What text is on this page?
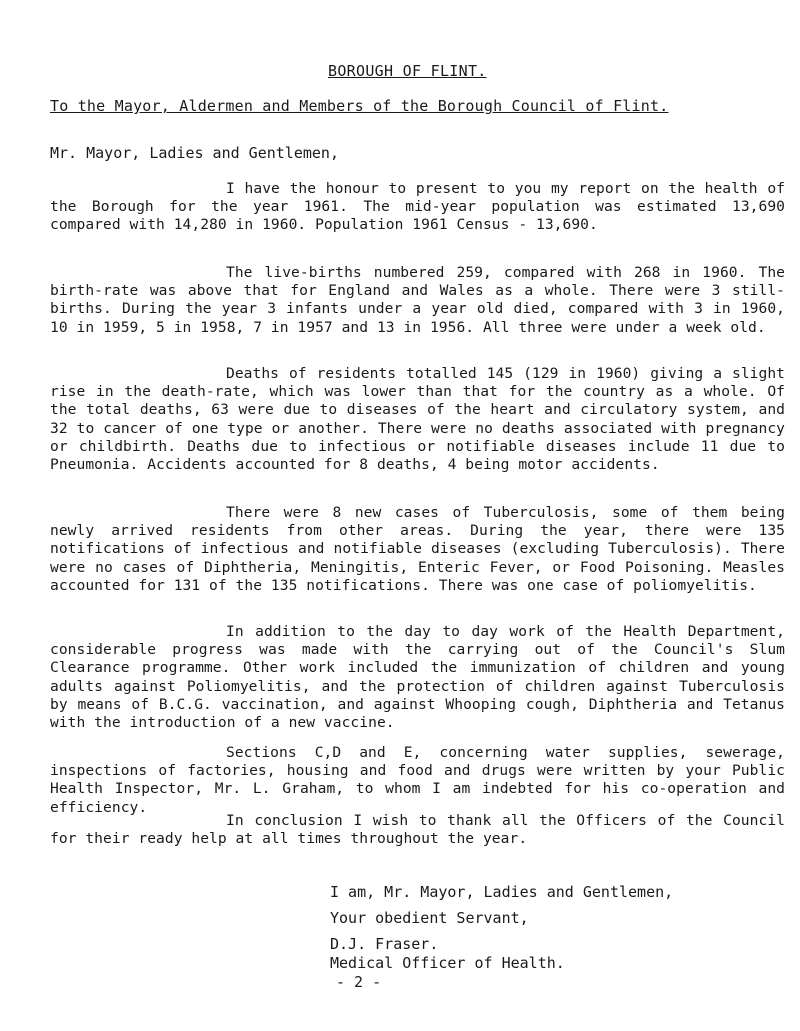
BOROUGH OF FLINT.
To the Mayor, Aldermen and Members of the Borough Council of Flint.
Mr. Mayor, Ladies and Gentlemen,

I have the honour to present to you my report on the health of the Borough for the year 1961. The mid-year population was estimated 13,690 compared with 14,280 in 1960. Population 1961 Census - 13,690.

The live-births numbered 259, compared with 268 in 1960. The birth-rate was above that for England and Wales as a whole. There were 3 still-births. During the year 3 infants under a year old died, compared with 3 in 1960, 10 in 1959, 5 in 1958, 7 in 1957 and 13 in 1956. All three were under a week old.

Deaths of residents totalled 145 (129 in 1960) giving a slight rise in the death-rate, which was lower than that for the country as a whole. Of the total deaths, 63 were due to diseases of the heart and circulatory system, and 32 to cancer of one type or another. There were no deaths associated with pregnancy or childbirth. Deaths due to infectious or notifiable diseases include 11 due to Pneumonia. Accidents accounted for 8 deaths, 4 being motor accidents.

There were 8 new cases of Tuberculosis, some of them being newly arrived residents from other areas. During the year, there were 135 notifications of infectious and notifiable diseases (excluding Tuberculosis). There were no cases of Diphtheria, Meningitis, Enteric Fever, or Food Poisoning. Measles accounted for 131 of the 135 notifications. There was one case of poliomyelitis.

In addition to the day to day work of the Health Department, considerable progress was made with the carrying out of the Council's Slum Clearance programme. Other work included the immunization of children and young adults against Poliomyelitis, and the protection of children against Tuberculosis by means of B.C.G. vaccination, and against Whooping cough, Diphtheria and Tetanus with the introduction of a new vaccine.

Sections C,D and E, concerning water supplies, sewerage, inspections of factories, housing and food and drugs were written by your Public Health Inspector, Mr. L. Graham, to whom I am indebted for his co-operation and efficiency.

In conclusion I wish to thank all the Officers of the Council for their ready help at all times throughout the year.

I am, Mr. Mayor, Ladies and Gentlemen,
Your obedient Servant,
D.J. Fraser.
Medical Officer of Health.
- 2 -
